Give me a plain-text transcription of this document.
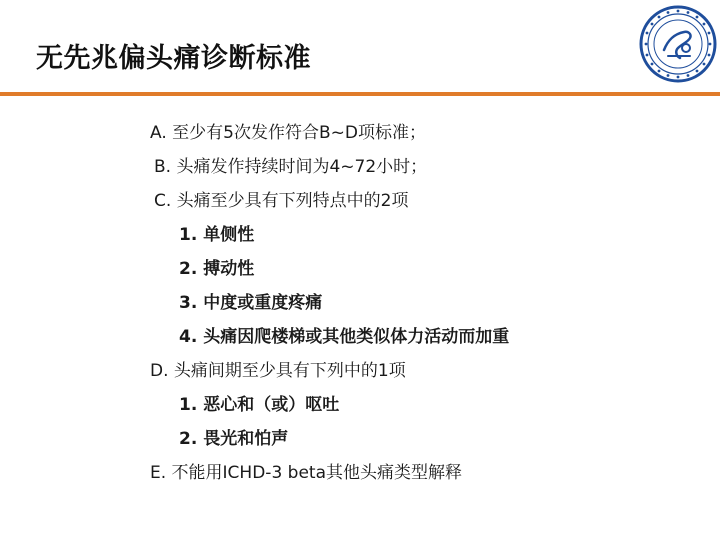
无先兆偏头痛诊断标准
A. 至少有5次发作符合B~D项标准；
B. 头痛发作持续时间为4~72小时；
C. 头痛至少具有下列特点中的2项
1. 单侧性
2. 搏动性
3. 中度或重度疼痛
4. 头痛因爬楼梯或其他类似体力活动而加重
D. 头痛间期至少具有下列中的1项
1. 恶心和（或）呕吐
2. 畏光和怕声
E. 不能用ICHD-3 beta其他头痛类型解释
